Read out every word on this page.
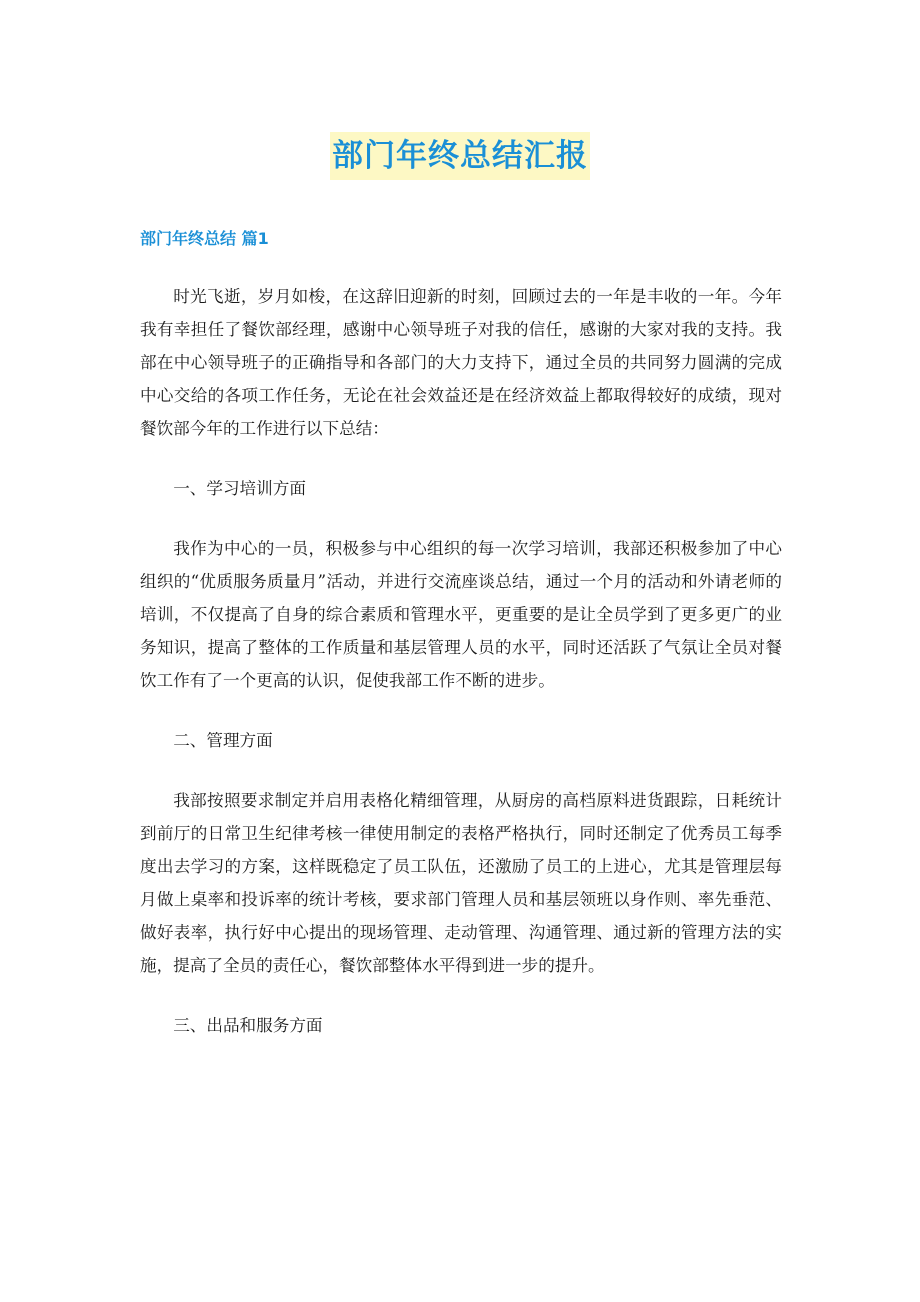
部门年终总结汇报
部门年终总结 篇1

时光飞逝，岁月如梭，在这辞旧迎新的时刻，回顾过去的一年是丰收的一年。今年我有幸担任了餐饮部经理，感谢中心领导班子对我的信任，感谢的大家对我的支持。我部在中心领导班子的正确指导和各部门的大力支持下，通过全员的共同努力圆满的完成中心交给的各项工作任务，无论在社会效益还是在经济效益上都取得较好的成绩，现对餐饮部今年的工作进行以下总结：

一、学习培训方面

我作为中心的一员，积极参与中心组织的每一次学习培训，我部还积极参加了中心组织的“优质服务质量月”活动，并进行交流座谈总结，通过一个月的活动和外请老师的培训，不仅提高了自身的综合素质和管理水平，更重要的是让全员学到了更多更广的业务知识，提高了整体的工作质量和基层管理人员的水平，同时还活跃了气氛让全员对餐饮工作有了一个更高的认识，促使我部工作不断的进步。

二、管理方面

我部按照要求制定并启用表格化精细管理，从厨房的高档原料进货跟踪，日耗统计到前厅的日常卫生纪律考核一律使用制定的表格严格执行，同时还制定了优秀员工每季度出去学习的方案，这样既稳定了员工队伍，还激励了员工的上进心，尤其是管理层每月做上桌率和投诉率的统计考核，要求部门管理人员和基层领班以身作则、率先垂范、做好表率，执行好中心提出的现场管理、走动管理、沟通管理、通过新的管理方法的实施，提高了全员的责任心，餐饮部整体水平得到进一步的提升。

三、出品和服务方面
